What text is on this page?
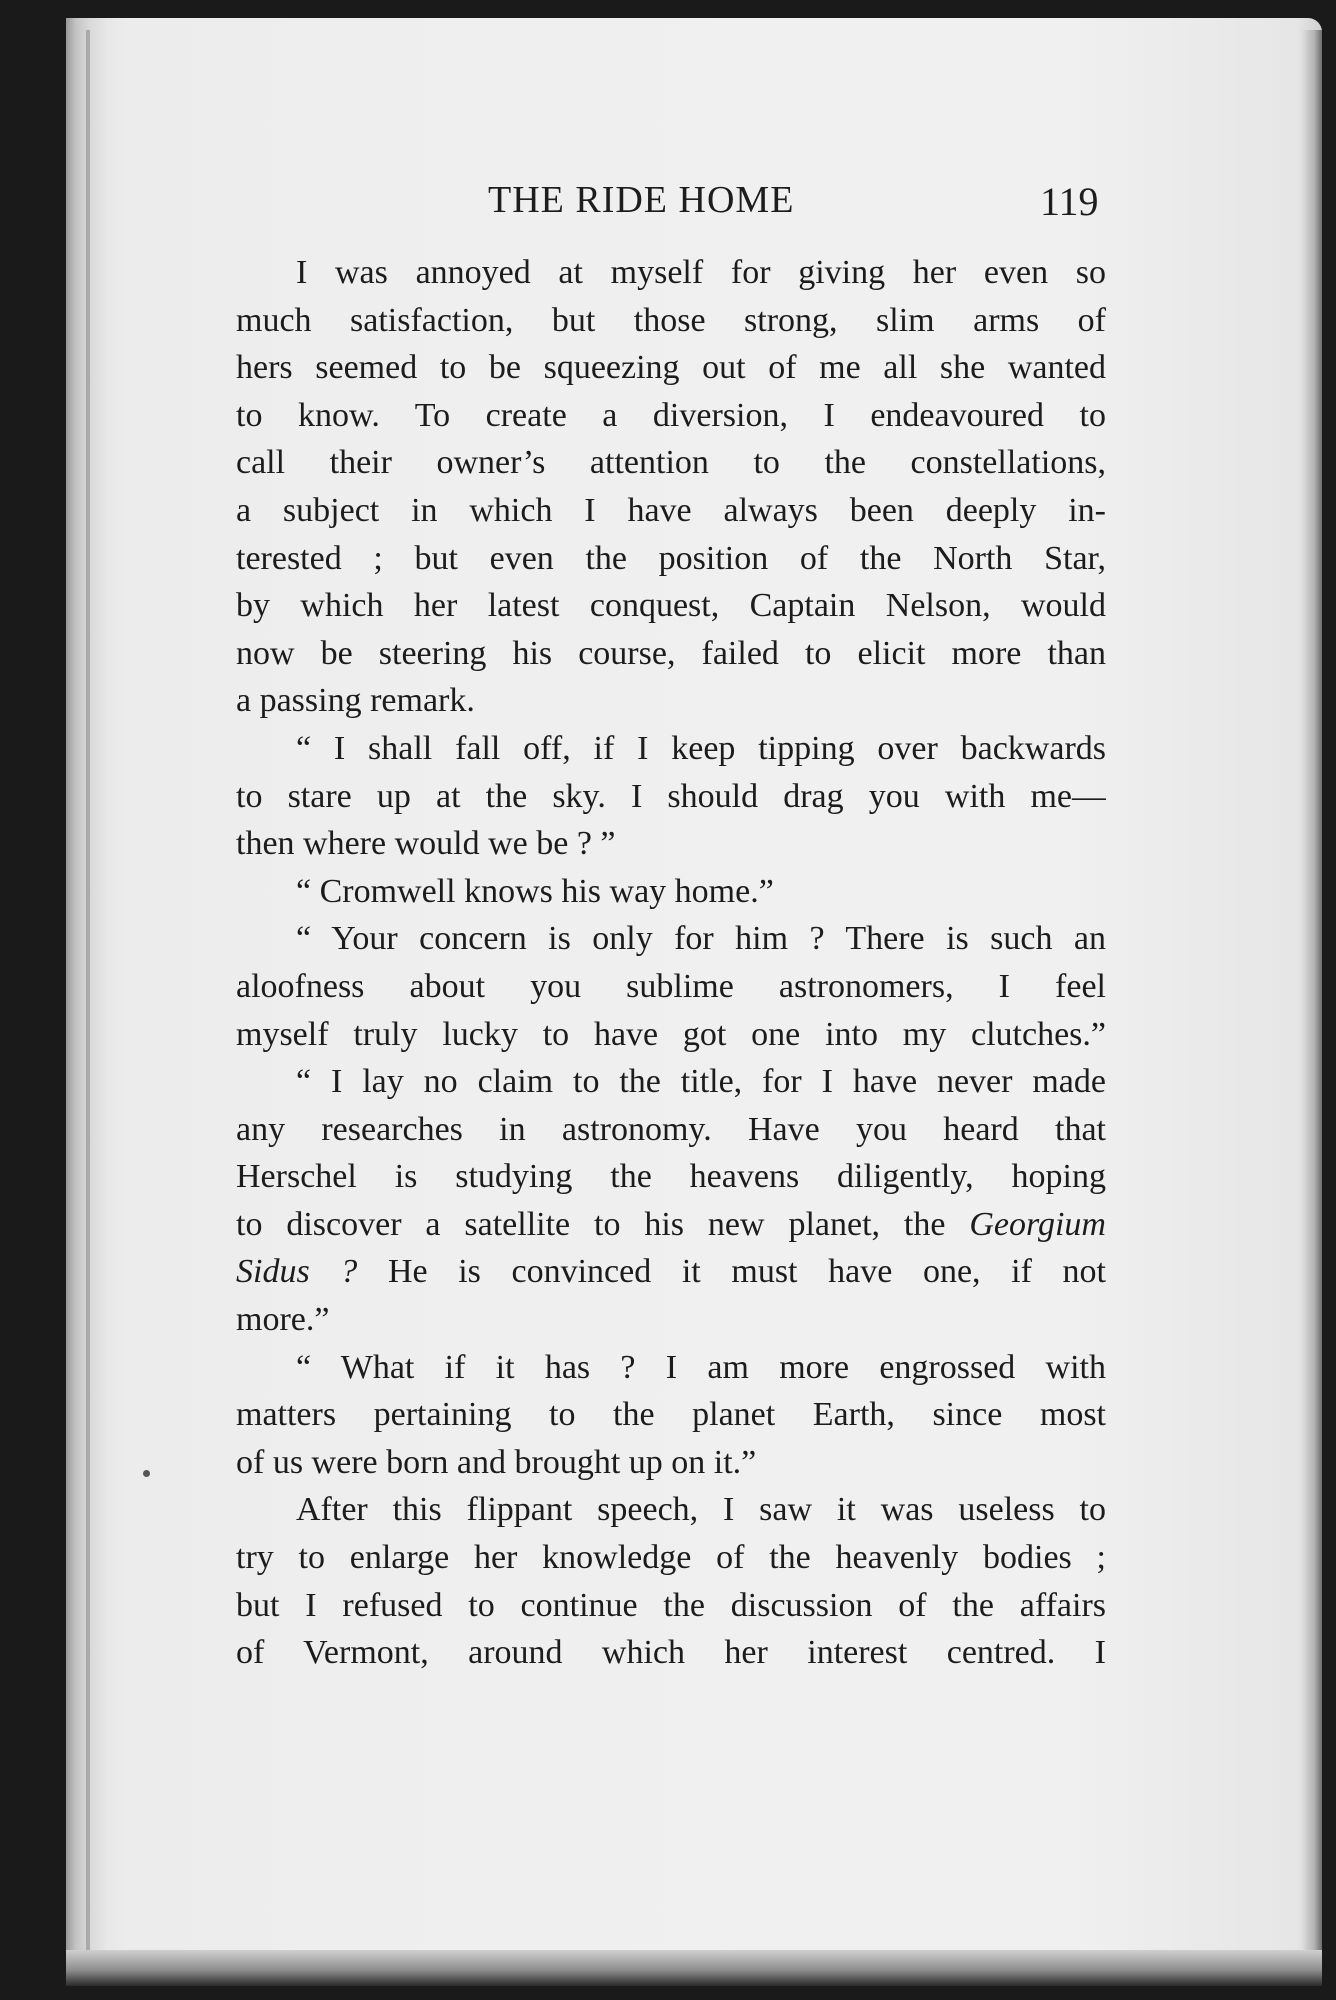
THE RIDE HOME	119
I was annoyed at myself for giving her even so
much satisfaction, but those strong, slim arms of
hers seemed to be squeezing out of me all she wanted
to know. To create a diversion, I endeavoured to
call their owner’s attention to the constellations,
a subject in which I have always been deeply in-
terested ; but even the position of the North Star,
by which her latest conquest, Captain Nelson, would
now be steering his course, failed to elicit more than
a passing remark.
“ I shall fall off, if I keep tipping over backwards
to stare up at the sky. I should drag you with me—
then where would we be ? ”
“ Cromwell knows his way home.”
“ Your concern is only for him ? There is such an
aloofness about you sublime astronomers, I feel
myself truly lucky to have got one into my clutches.”
“ I lay no claim to the title, for I have never made
any researches in astronomy. Have you heard that
Herschel is studying the heavens diligently, hoping
to discover a satellite to his new planet, the Georgium
Sidus ? He is convinced it must have one, if not
more.”
“ What if it has ? I am more engrossed with
matters pertaining to the planet Earth, since most
of us were born and brought up on it.”
After this flippant speech, I saw it was useless to
try to enlarge her knowledge of the heavenly bodies ;
but I refused to continue the discussion of the affairs
of Vermont, around which her interest centred. I
